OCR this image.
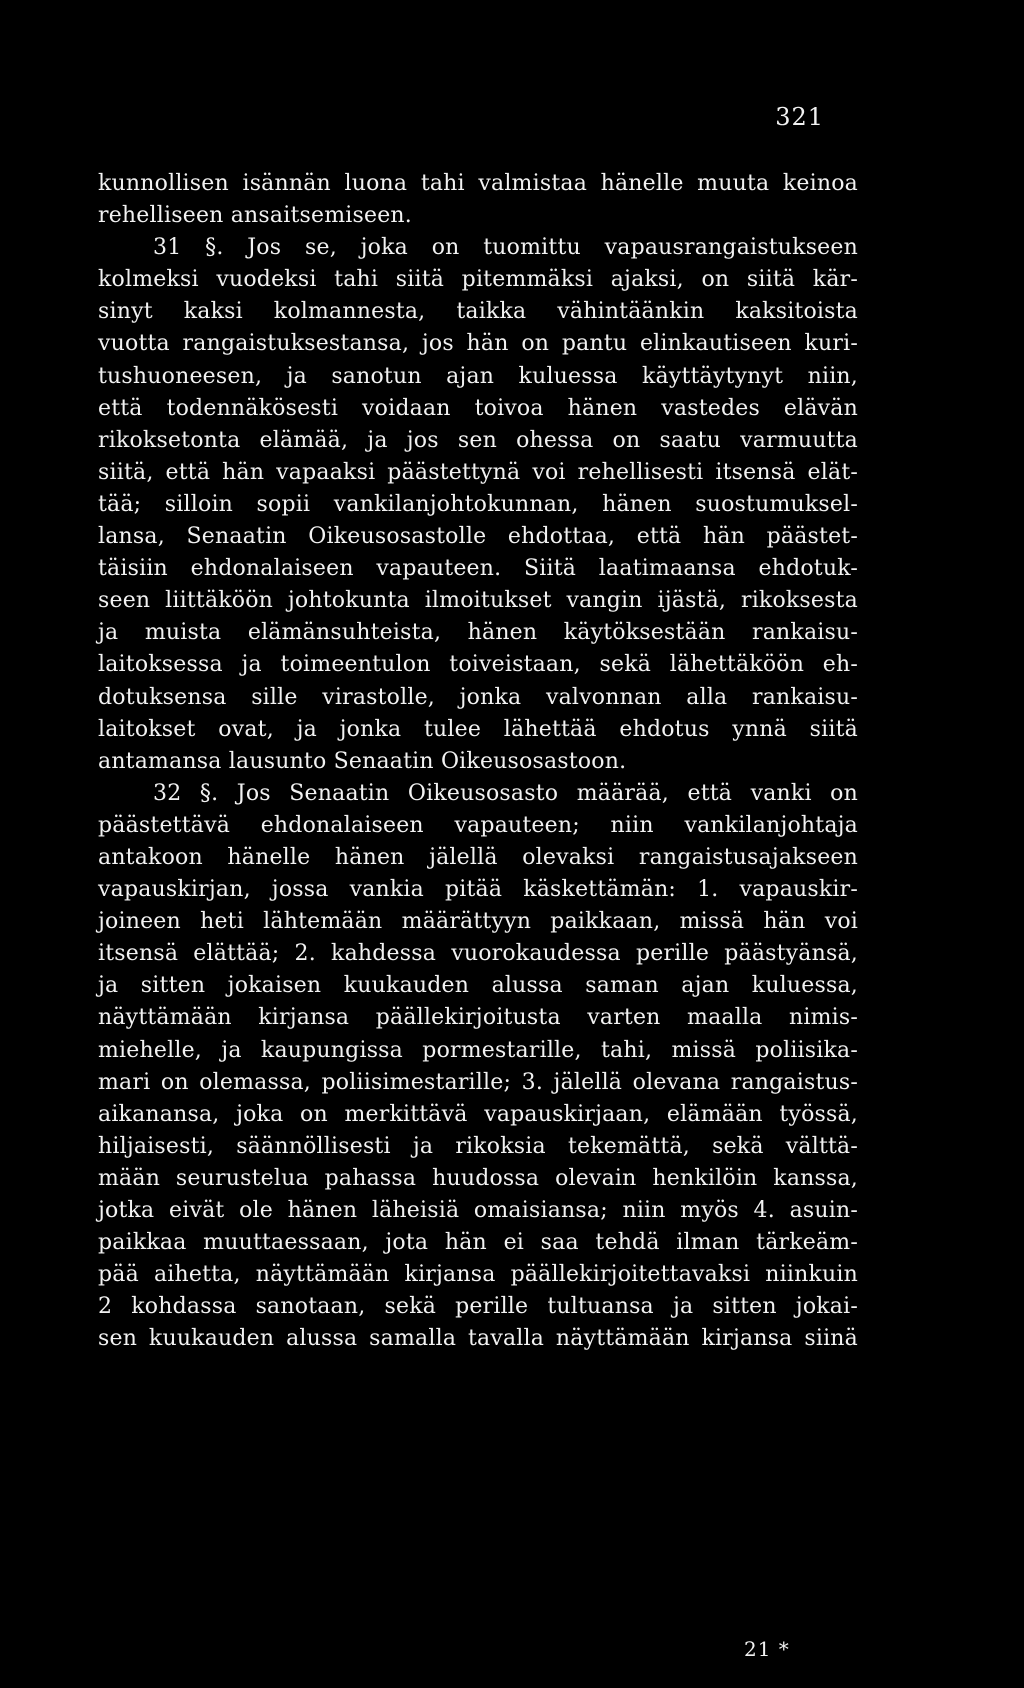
321
kunnollisen isännän luona tahi valmistaa hänelle muuta keinoa
rehelliseen ansaitsemiseen.
31 §. Jos se, joka on tuomittu vapausrangaistukseen
kolmeksi vuodeksi tahi siitä pitemmäksi ajaksi, on siitä kär-
sinyt kaksi kolmannesta, taikka vähintäänkin kaksitoista
vuotta rangaistuksestansa, jos hän on pantu elinkautiseen kuri-
tushuoneesen, ja sanotun ajan kuluessa käyttäytynyt niin,
että todennäkösesti voidaan toivoa hänen vastedes elävän
rikoksetonta elämää, ja jos sen ohessa on saatu varmuutta
siitä, että hän vapaaksi päästettynä voi rehellisesti itsensä elät-
tää; silloin sopii vankilanjohtokunnan, hänen suostumuksel-
lansa, Senaatin Oikeusosastolle ehdottaa, että hän päästet-
täisiin ehdonalaiseen vapauteen. Siitä laatimaansa ehdotuk-
seen liittäköön johtokunta ilmoitukset vangin ijästä, rikoksesta
ja muista elämänsuhteista, hänen käytöksestään rankaisu-
laitoksessa ja toimeentulon toiveistaan, sekä lähettäköön eh-
dotuksensa sille virastolle, jonka valvonnan alla rankaisu-
laitokset ovat, ja jonka tulee lähettää ehdotus ynnä siitä
antamansa lausunto Senaatin Oikeusosastoon.
32 §. Jos Senaatin Oikeusosasto määrää, että vanki on
päästettävä ehdonalaiseen vapauteen; niin vankilanjohtaja
antakoon hänelle hänen jälellä olevaksi rangaistusajakseen
vapauskirjan, jossa vankia pitää käskettämän: 1. vapauskir-
joineen heti lähtemään määrättyyn paikkaan, missä hän voi
itsensä elättää; 2. kahdessa vuorokaudessa perille päästyänsä,
ja sitten jokaisen kuukauden alussa saman ajan kuluessa,
näyttämään kirjansa päällekirjoitusta varten maalla nimis-
miehelle, ja kaupungissa pormestarille, tahi, missä poliisika-
mari on olemassa, poliisimestarille; 3. jälellä olevana rangaistus-
aikanansa, joka on merkittävä vapauskirjaan, elämään työssä,
hiljaisesti, säännöllisesti ja rikoksia tekemättä, sekä välttä-
mään seurustelua pahassa huudossa olevain henkilöin kanssa,
jotka eivät ole hänen läheisiä omaisiansa; niin myös 4. asuin-
paikkaa muuttaessaan, jota hän ei saa tehdä ilman tärkeäm-
pää aihetta, näyttämään kirjansa päällekirjoitettavaksi niinkuin
2 kohdassa sanotaan, sekä perille tultuansa ja sitten jokai-
sen kuukauden alussa samalla tavalla näyttämään kirjansa siinä
21 *
